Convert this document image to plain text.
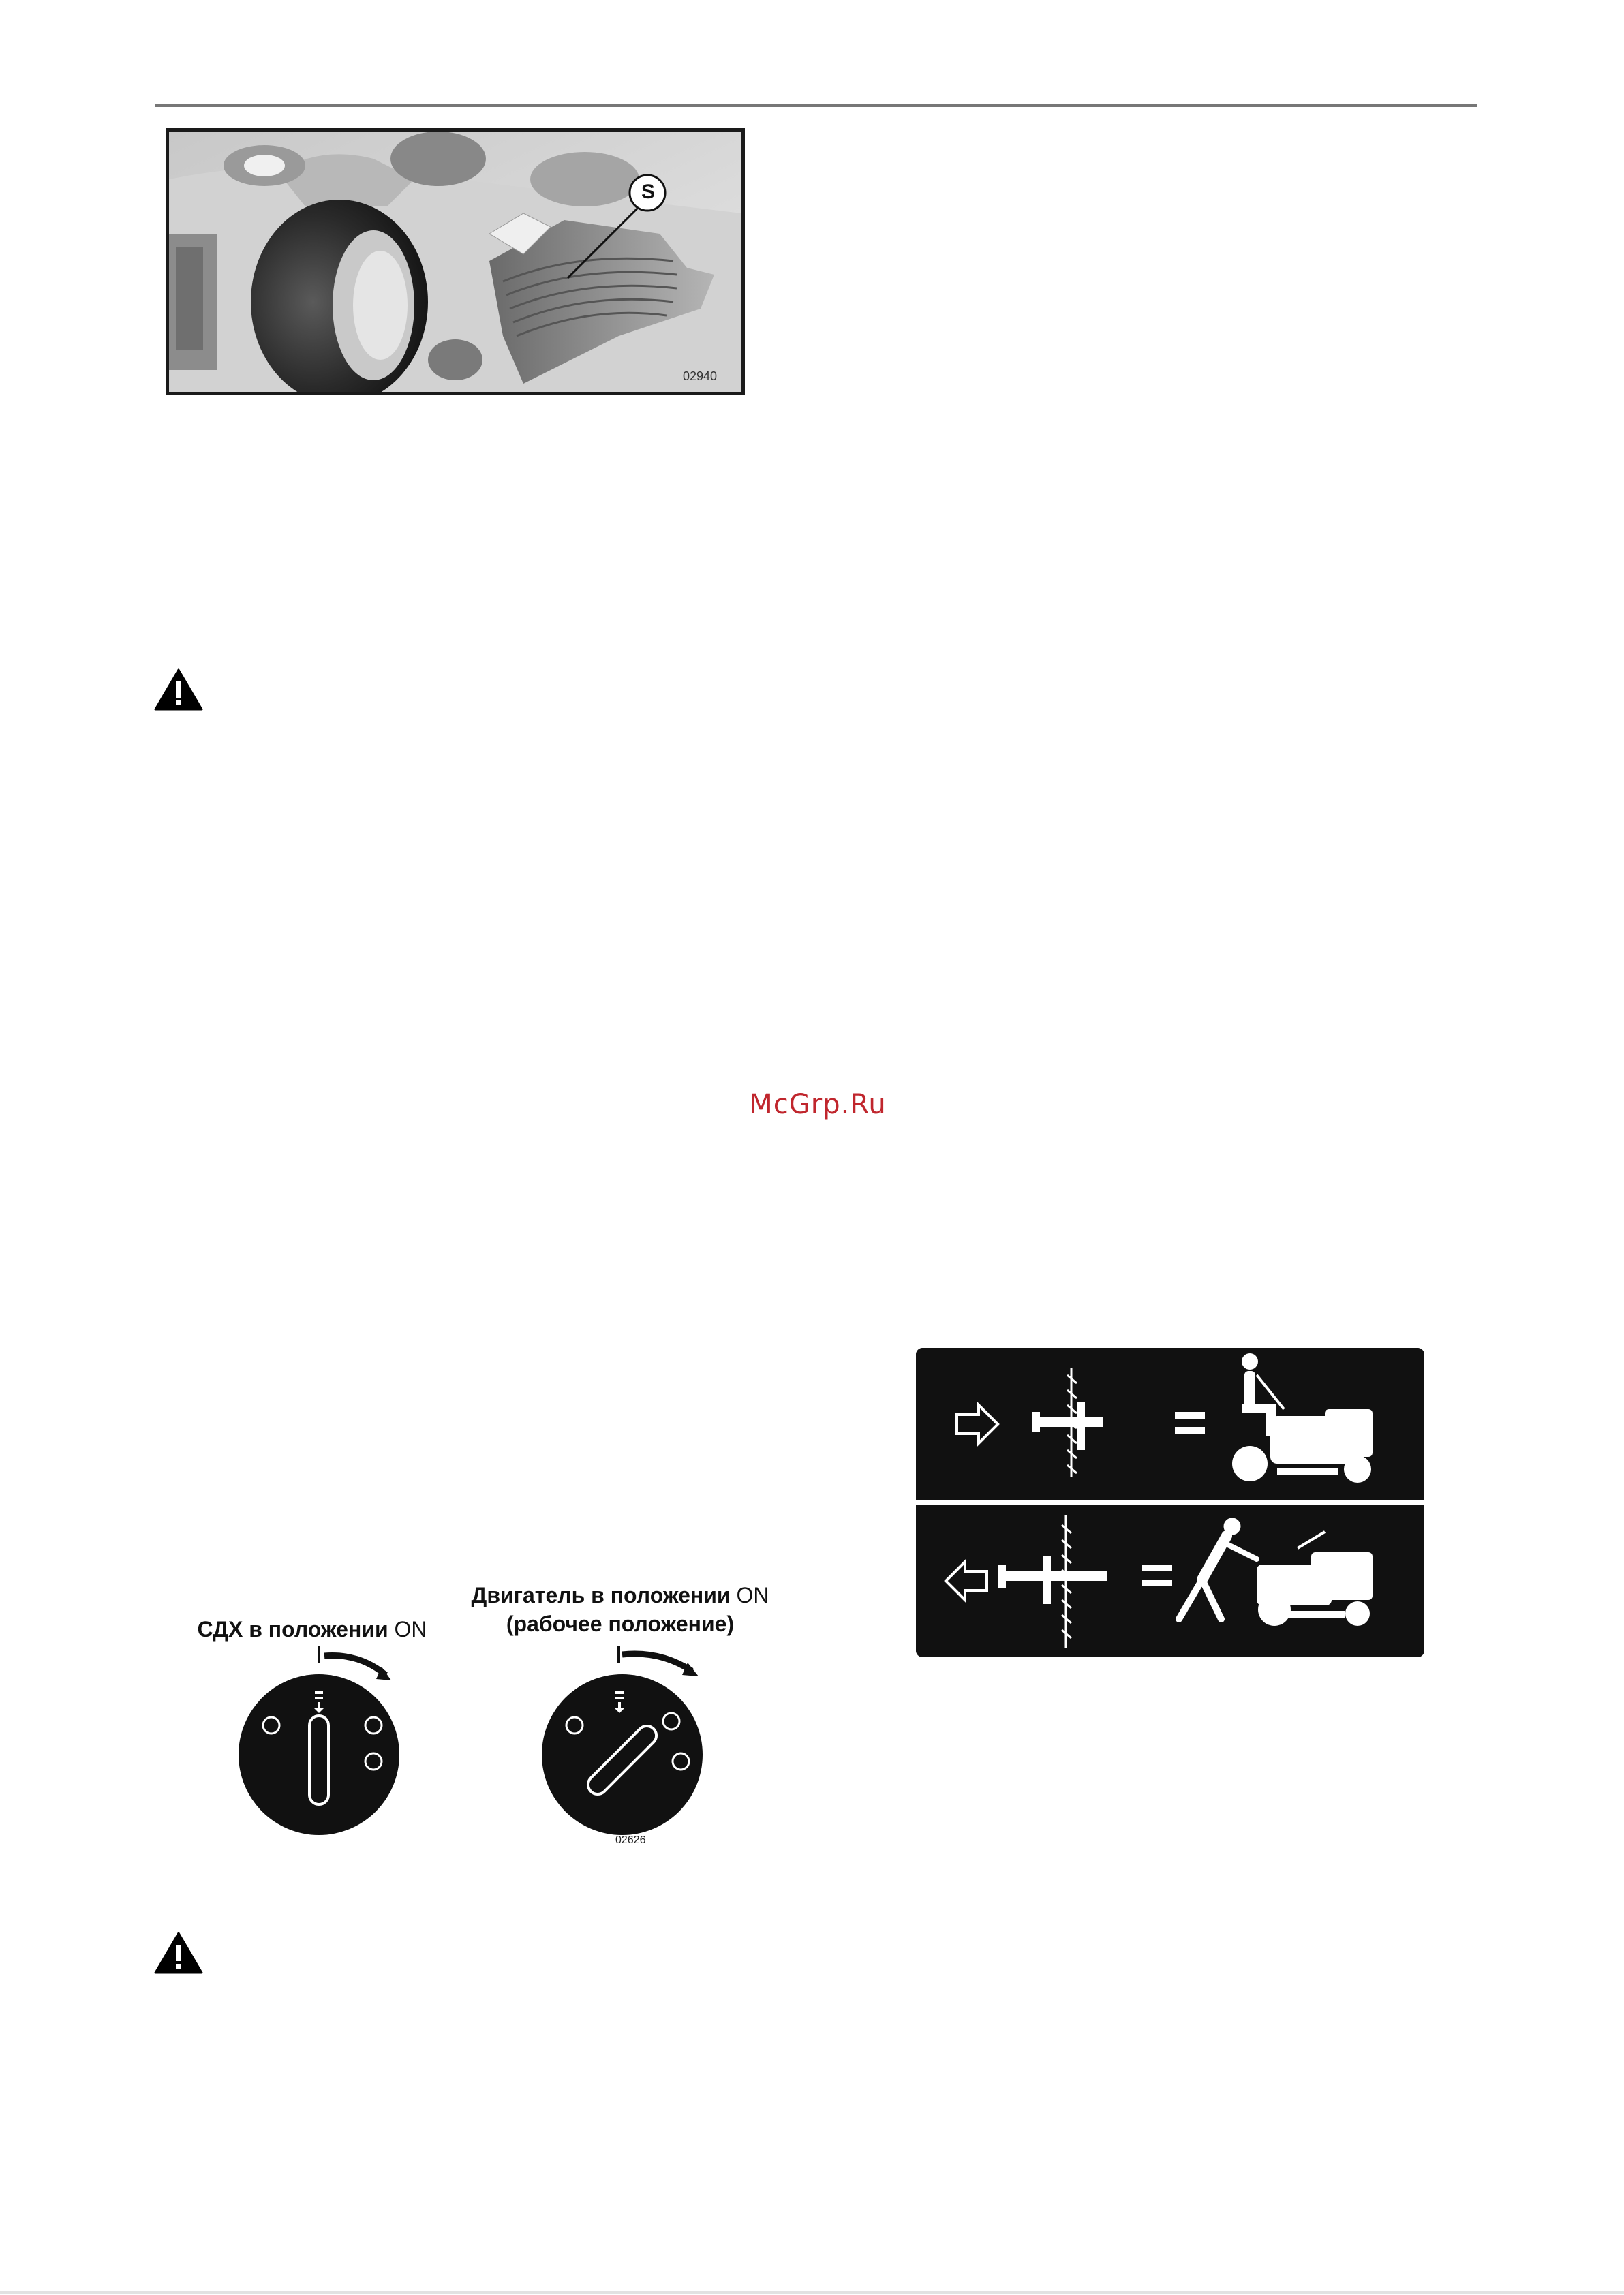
S
02940
McGrp.Ru
Двигатель в положении ON
(рабочее положение)
СДХ в положении ON
02626
